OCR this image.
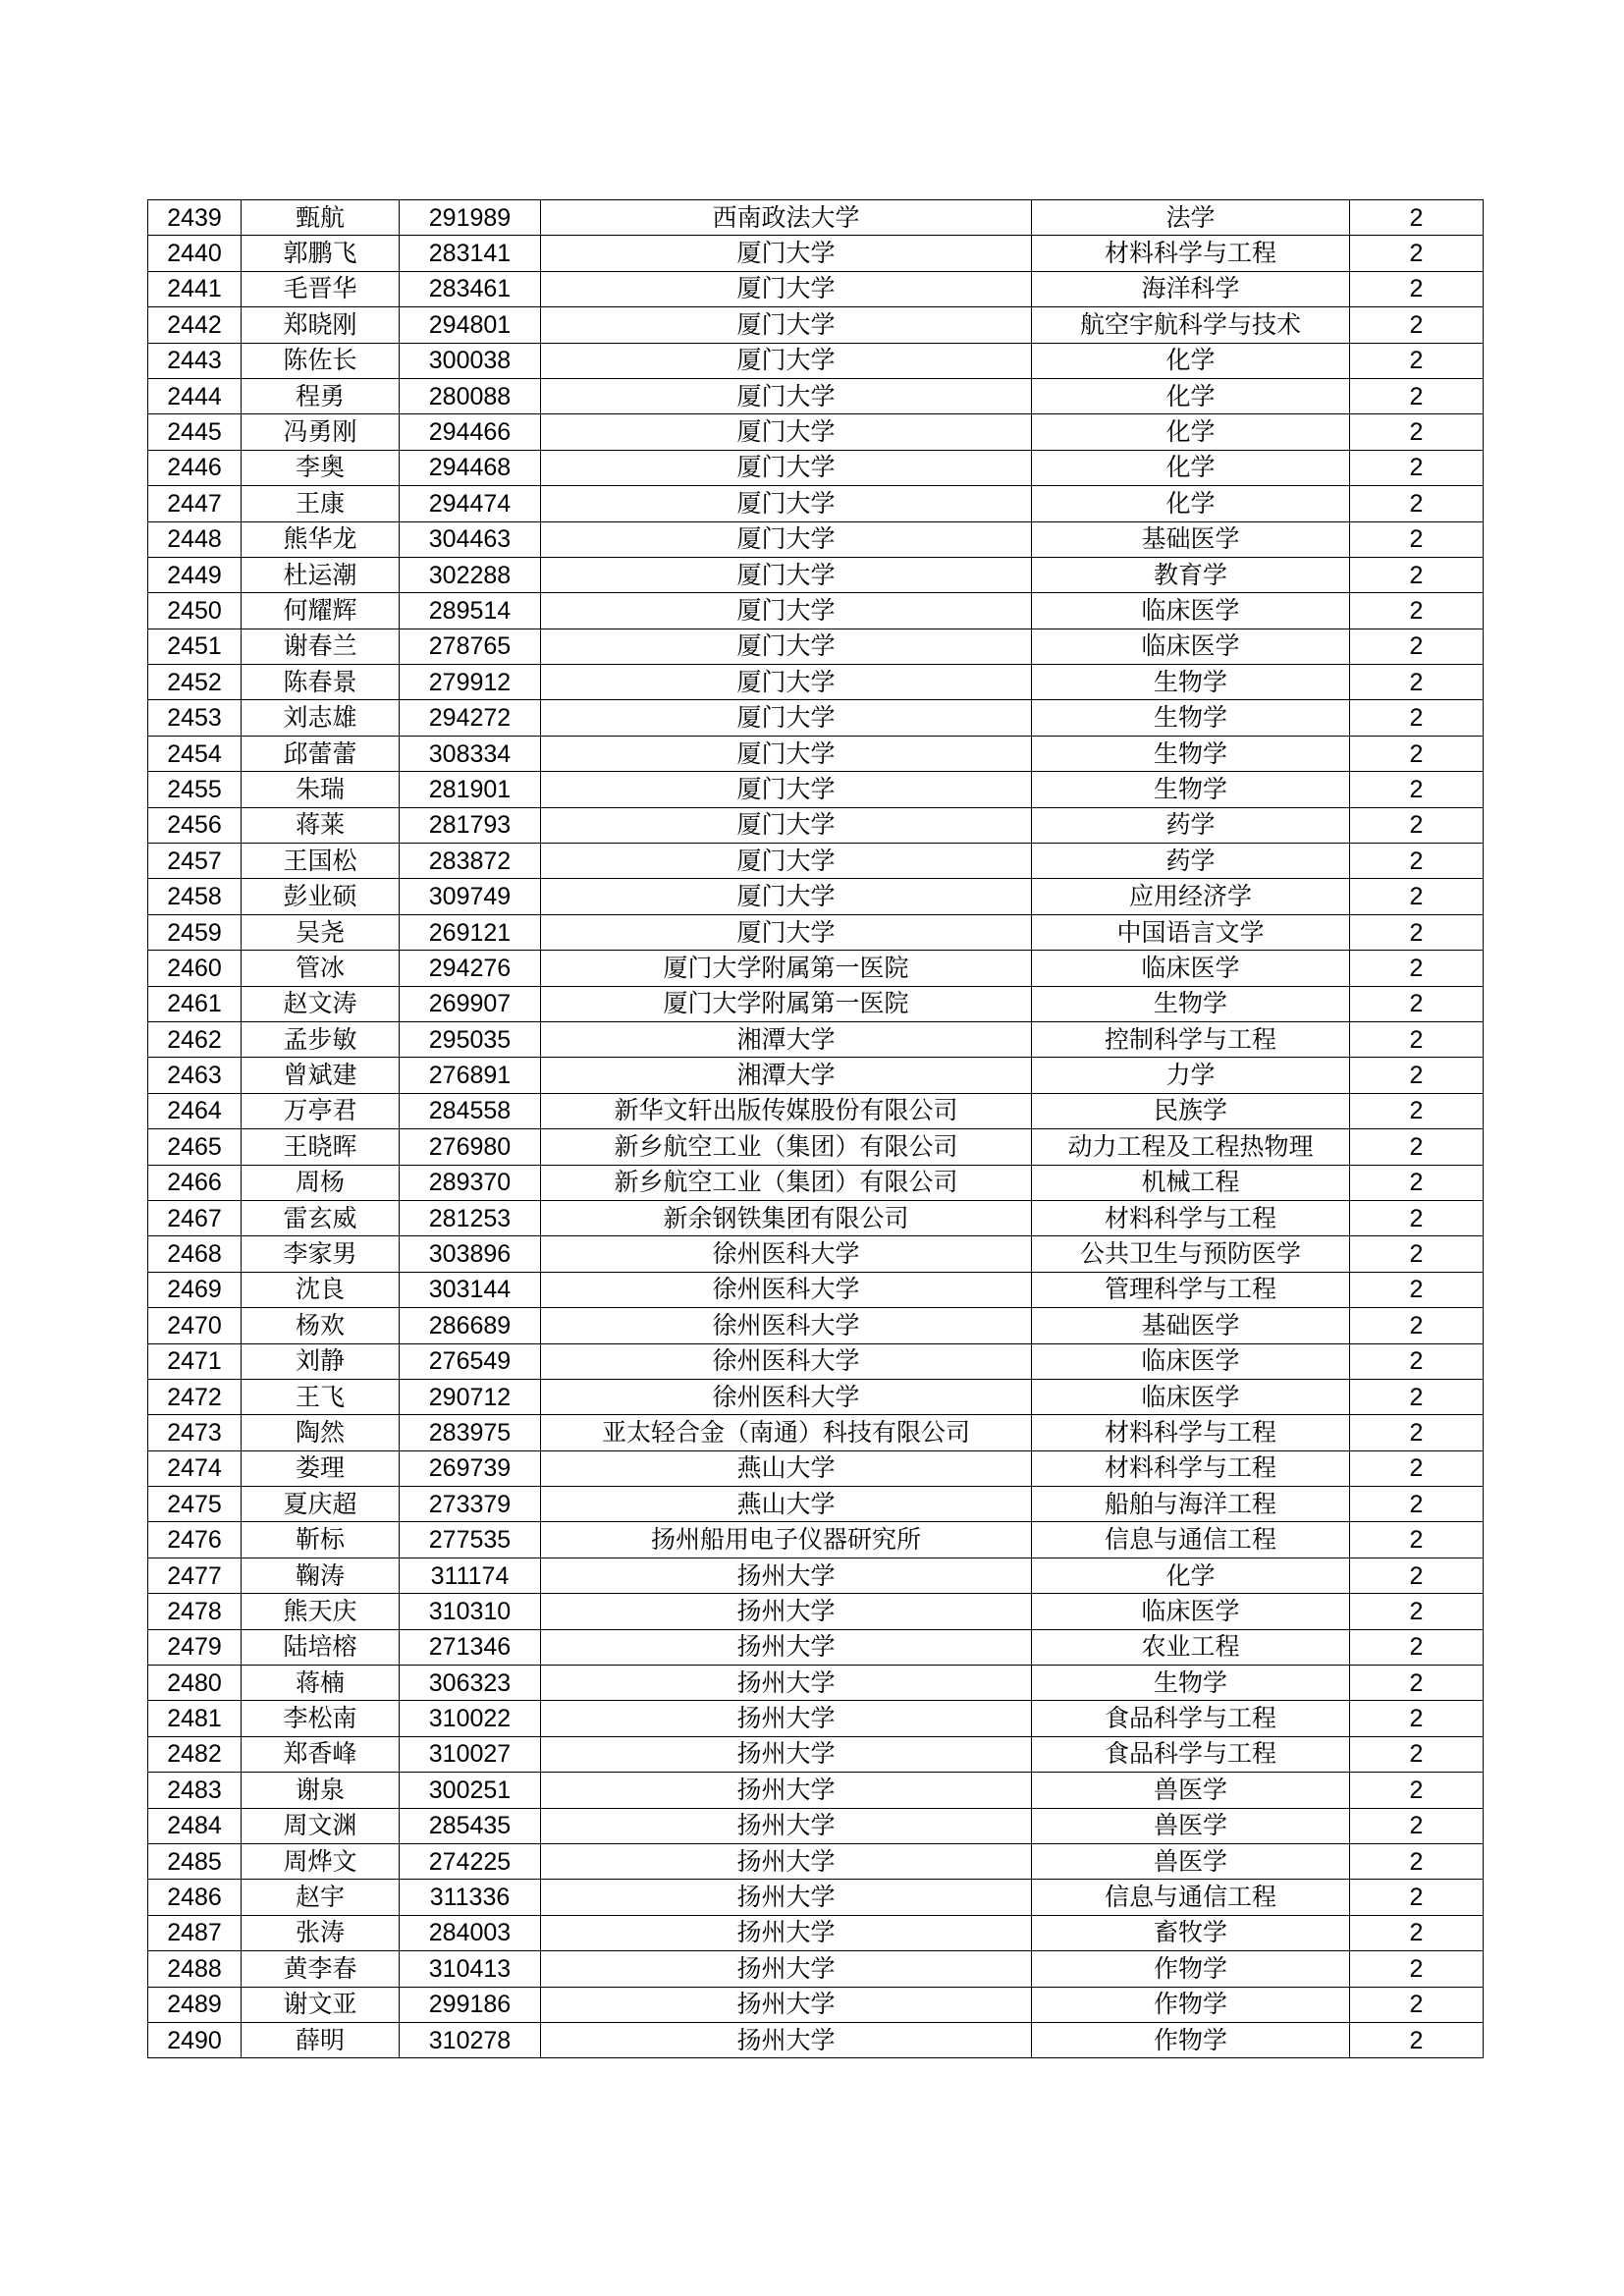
2439	甄航	291989	西南政法大学	法学	2
2440	郭鹏飞	283141	厦门大学	材料科学与工程	2
2441	毛晋华	283461	厦门大学	海洋科学	2
2442	郑晓刚	294801	厦门大学	航空宇航科学与技术	2
2443	陈佐长	300038	厦门大学	化学	2
2444	程勇	280088	厦门大学	化学	2
2445	冯勇刚	294466	厦门大学	化学	2
2446	李奥	294468	厦门大学	化学	2
2447	王康	294474	厦门大学	化学	2
2448	熊华龙	304463	厦门大学	基础医学	2
2449	杜运潮	302288	厦门大学	教育学	2
2450	何耀辉	289514	厦门大学	临床医学	2
2451	谢春兰	278765	厦门大学	临床医学	2
2452	陈春景	279912	厦门大学	生物学	2
2453	刘志雄	294272	厦门大学	生物学	2
2454	邱蕾蕾	308334	厦门大学	生物学	2
2455	朱瑞	281901	厦门大学	生物学	2
2456	蒋莱	281793	厦门大学	药学	2
2457	王国松	283872	厦门大学	药学	2
2458	彭业硕	309749	厦门大学	应用经济学	2
2459	吴尧	269121	厦门大学	中国语言文学	2
2460	管冰	294276	厦门大学附属第一医院	临床医学	2
2461	赵文涛	269907	厦门大学附属第一医院	生物学	2
2462	孟步敏	295035	湘潭大学	控制科学与工程	2
2463	曾斌建	276891	湘潭大学	力学	2
2464	万亭君	284558	新华文轩出版传媒股份有限公司	民族学	2
2465	王晓晖	276980	新乡航空工业（集团）有限公司	动力工程及工程热物理	2
2466	周杨	289370	新乡航空工业（集团）有限公司	机械工程	2
2467	雷玄威	281253	新余钢铁集团有限公司	材料科学与工程	2
2468	李家男	303896	徐州医科大学	公共卫生与预防医学	2
2469	沈良	303144	徐州医科大学	管理科学与工程	2
2470	杨欢	286689	徐州医科大学	基础医学	2
2471	刘静	276549	徐州医科大学	临床医学	2
2472	王飞	290712	徐州医科大学	临床医学	2
2473	陶然	283975	亚太轻合金（南通）科技有限公司	材料科学与工程	2
2474	娄理	269739	燕山大学	材料科学与工程	2
2475	夏庆超	273379	燕山大学	船舶与海洋工程	2
2476	靳标	277535	扬州船用电子仪器研究所	信息与通信工程	2
2477	鞠涛	311174	扬州大学	化学	2
2478	熊天庆	310310	扬州大学	临床医学	2
2479	陆培榕	271346	扬州大学	农业工程	2
2480	蒋楠	306323	扬州大学	生物学	2
2481	李松南	310022	扬州大学	食品科学与工程	2
2482	郑香峰	310027	扬州大学	食品科学与工程	2
2483	谢泉	300251	扬州大学	兽医学	2
2484	周文渊	285435	扬州大学	兽医学	2
2485	周烨文	274225	扬州大学	兽医学	2
2486	赵宇	311336	扬州大学	信息与通信工程	2
2487	张涛	284003	扬州大学	畜牧学	2
2488	黄李春	310413	扬州大学	作物学	2
2489	谢文亚	299186	扬州大学	作物学	2
2490	薛明	310278	扬州大学	作物学	2
